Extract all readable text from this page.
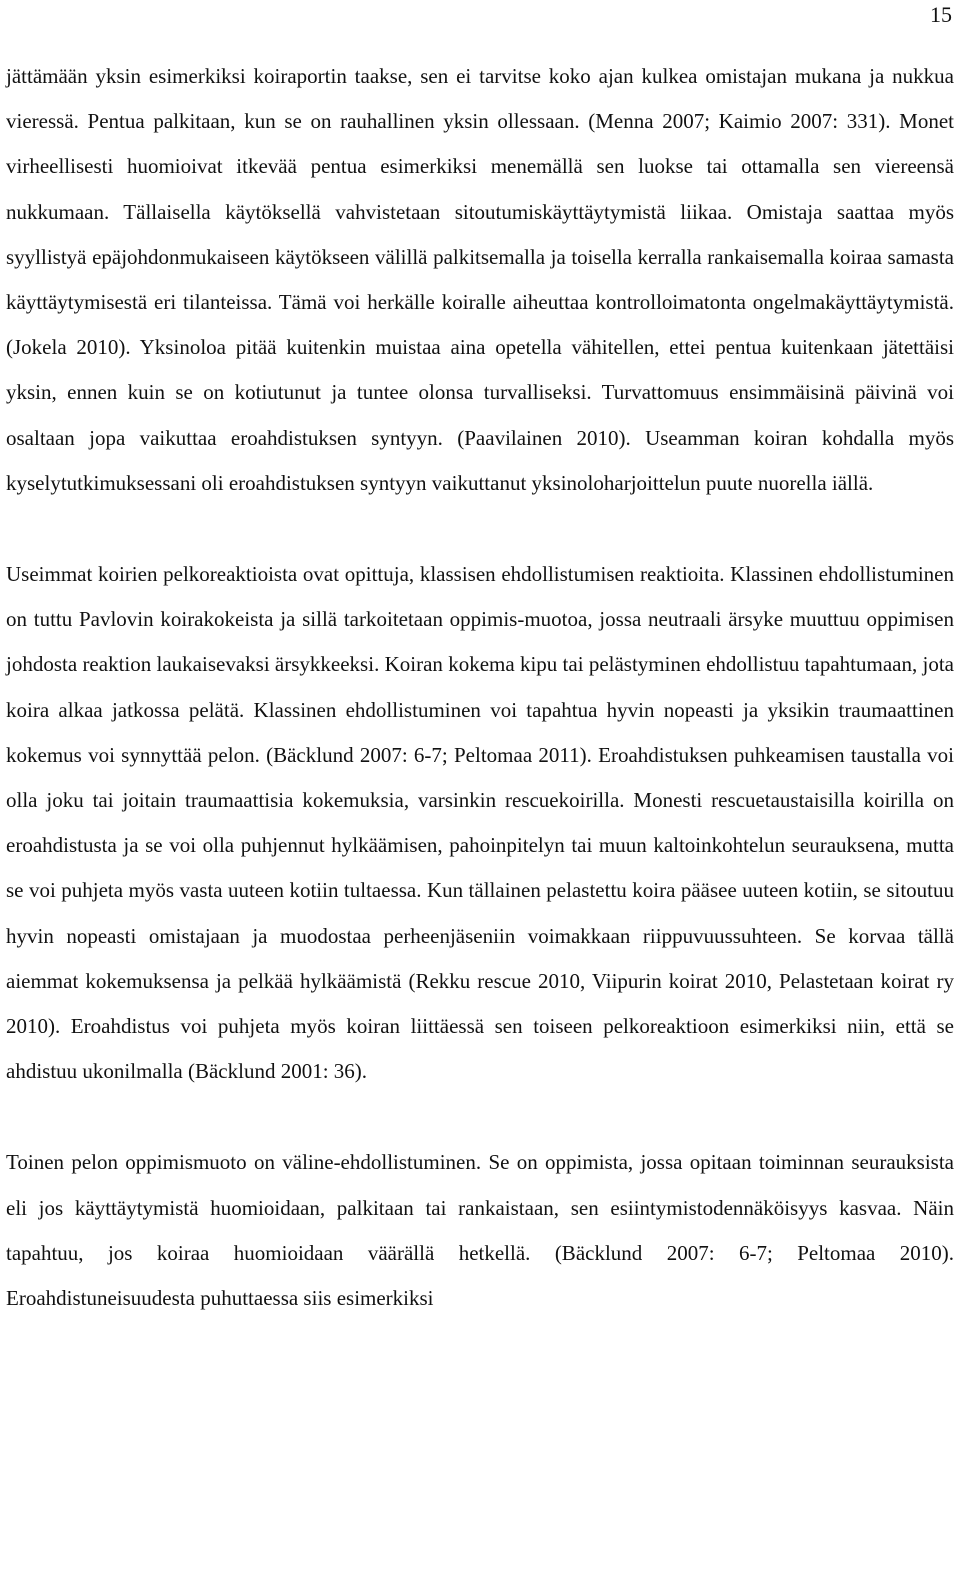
15

jättämään yksin esimerkiksi koiraportin taakse, sen ei tarvitse koko ajan kulkea omistajan mukana ja nukkua vieressä. Pentua palkitaan, kun se on rauhallinen yksin ollessaan. (Menna 2007; Kaimio 2007: 331). Monet virheellisesti huomioivat itkevää pentua esimerkiksi menemällä sen luokse tai ottamalla sen viereensä nukkumaan. Tällaisella käytöksellä vahvistetaan sitoutumiskäyttäytymistä liikaa. Omistaja saattaa myös syyllistyä epäjohdonmukaiseen käytökseen välillä palkitsemalla ja toisella kerralla rankaisemalla koiraa samasta käyttäytymisestä eri tilanteissa. Tämä voi herkälle koiralle aiheuttaa kontrolloimatonta ongelmakäyttäytymistä. (Jokela 2010). Yksinoloa pitää kuitenkin muistaa aina opetella vähitellen, ettei pentua kuitenkaan jätettäisi yksin, ennen kuin se on kotiutunut ja tuntee olonsa turvalliseksi. Turvattomuus ensimmäisinä päivinä voi osaltaan jopa vaikuttaa eroahdistuksen syntyyn. (Paavilainen 2010). Useamman koiran kohdalla myös kyselytutkimuksessani oli eroahdistuksen syntyyn vaikuttanut yksinoloharjoittelun puute nuorella iällä.

Useimmat koirien pelkoreaktioista ovat opittuja, klassisen ehdollistumisen reaktioita. Klassinen ehdollistuminen on tuttu Pavlovin koirakokeista ja sillä tarkoitetaan oppimis-muotoa, jossa neutraali ärsyke muuttuu oppimisen johdosta reaktion laukaisevaksi ärsykkeeksi. Koiran kokema kipu tai pelästyminen ehdollistuu tapahtumaan, jota koira alkaa jatkossa pelätä. Klassinen ehdollistuminen voi tapahtua hyvin nopeasti ja yksikin traumaattinen kokemus voi synnyttää pelon. (Bäcklund 2007: 6-7; Peltomaa 2011). Eroahdistuksen puhkeamisen taustalla voi olla joku tai joitain traumaattisia kokemuksia, varsinkin rescuekoirilla. Monesti rescuetaustaisilla koirilla on eroahdistusta ja se voi olla puhjennut hylkäämisen, pahoinpitelyn tai muun kaltoinkohtelun seurauksena, mutta se voi puhjeta myös vasta uuteen kotiin tultaessa. Kun tällainen pelastettu koira pääsee uuteen kotiin, se sitoutuu hyvin nopeasti omistajaan ja muodostaa perheenjäseniin voimakkaan riippuvuussuhteen. Se korvaa tällä aiemmat kokemuksensa ja pelkää hylkäämistä (Rekku rescue 2010, Viipurin koirat 2010, Pelastetaan koirat ry 2010). Eroahdistus voi puhjeta myös koiran liittäessä sen toiseen pelkoreaktioon esimerkiksi niin, että se ahdistuu ukonilmalla (Bäcklund 2001: 36).

Toinen pelon oppimismuoto on väline-ehdollistuminen. Se on oppimista, jossa opitaan toiminnan seurauksista eli jos käyttäytymistä huomioidaan, palkitaan tai rankaistaan, sen esiintymistodennäköisyys kasvaa. Näin tapahtuu, jos koiraa huomioidaan väärällä hetkellä. (Bäcklund 2007: 6-7; Peltomaa 2010). Eroahdistuneisuudesta puhuttaessa siis esimerkiksi
